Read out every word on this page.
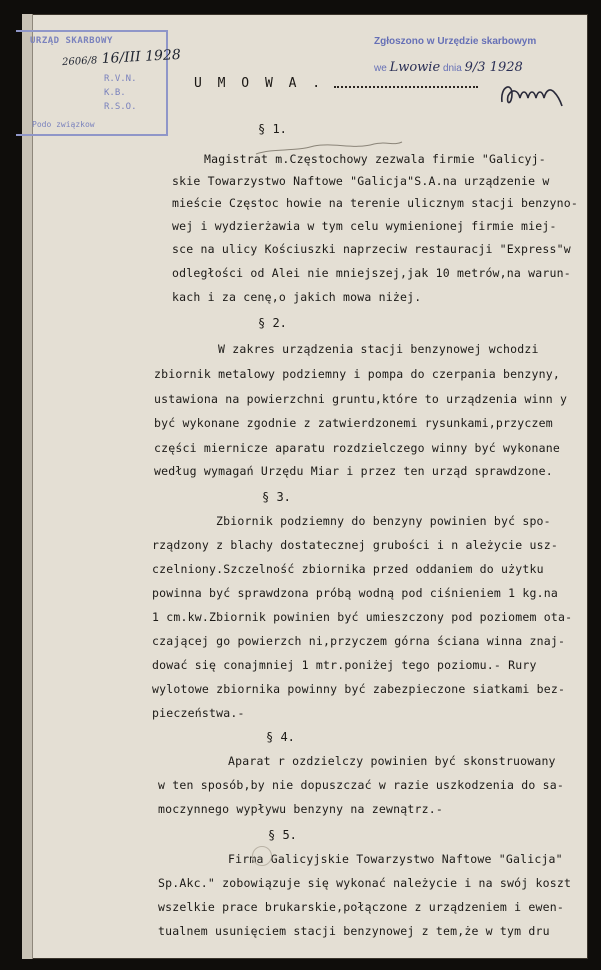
URZĄD SKARBOWY
R.V.N.
K.B.
R.S.O.
Podo związkow
2606/8 16/III 1928
Zgłoszono w Urzędzie skarbowym
we Lwowie dnia 9/3 1928
U M O W A .
§ 1.
Magistrat m.Częstochowy zezwala firmie "Galicyj-
skie Towarzystwo Naftowe "Galicja"S.A.na urządzenie w
mieście Częstoc howie na terenie ulicznym stacji benzyno-
wej i wydzierżawia w tym celu wymienionej firmie miej-
sce na ulicy Kościuszki naprzeciw restauracji "Express"w
odległości od Alei nie mniejszej,jak 10 metrów,na warun-
kach i za cenę,o jakich mowa niżej.
§ 2.
W zakres urządzenia stacji benzynowej wchodzi
zbiornik metalowy podziemny i pompa do czerpania benzyny,
ustawiona na powierzchni gruntu,które to urządzenia winn y
być wykonane zgodnie z zatwierdzonemi rysunkami,przyczem
części miernicze aparatu rozdzielczego winny być wykonane
według wymagań Urzędu Miar i przez ten urząd sprawdzone.
§ 3.
Zbiornik podziemny do benzyny powinien być spo-
rządzony z blachy dostatecznej grubości i n ależycie usz-
czelniony.Szczelność zbiornika przed oddaniem do użytku
powinna być sprawdzona próbą wodną pod ciśnieniem 1 kg.na
1 cm.kw.Zbiornik powinien być umieszczony pod poziomem ota-
czającej go powierzch ni,przyczem górna ściana winna znaj-
dować się conajmniej 1 mtr.poniżej tego poziomu.- Rury
wylotowe zbiornika powinny być zabezpieczone siatkami bez-
pieczeństwa.-
§ 4.
Aparat r ozdzielczy powinien być skonstruowany
w ten sposób,by nie dopuszczać w razie uszkodzenia do sa-
moczynnego wypływu benzyny na zewnątrz.-
§ 5.
Firma Galicyjskie Towarzystwo Naftowe "Galicja"
Sp.Akc." zobowiązuje się wykonać należycie i na swój koszt
wszelkie prace brukarskie,połączone z urządzeniem i ewen-
tualnem usunięciem stacji benzynowej z tem,że w tym dru
